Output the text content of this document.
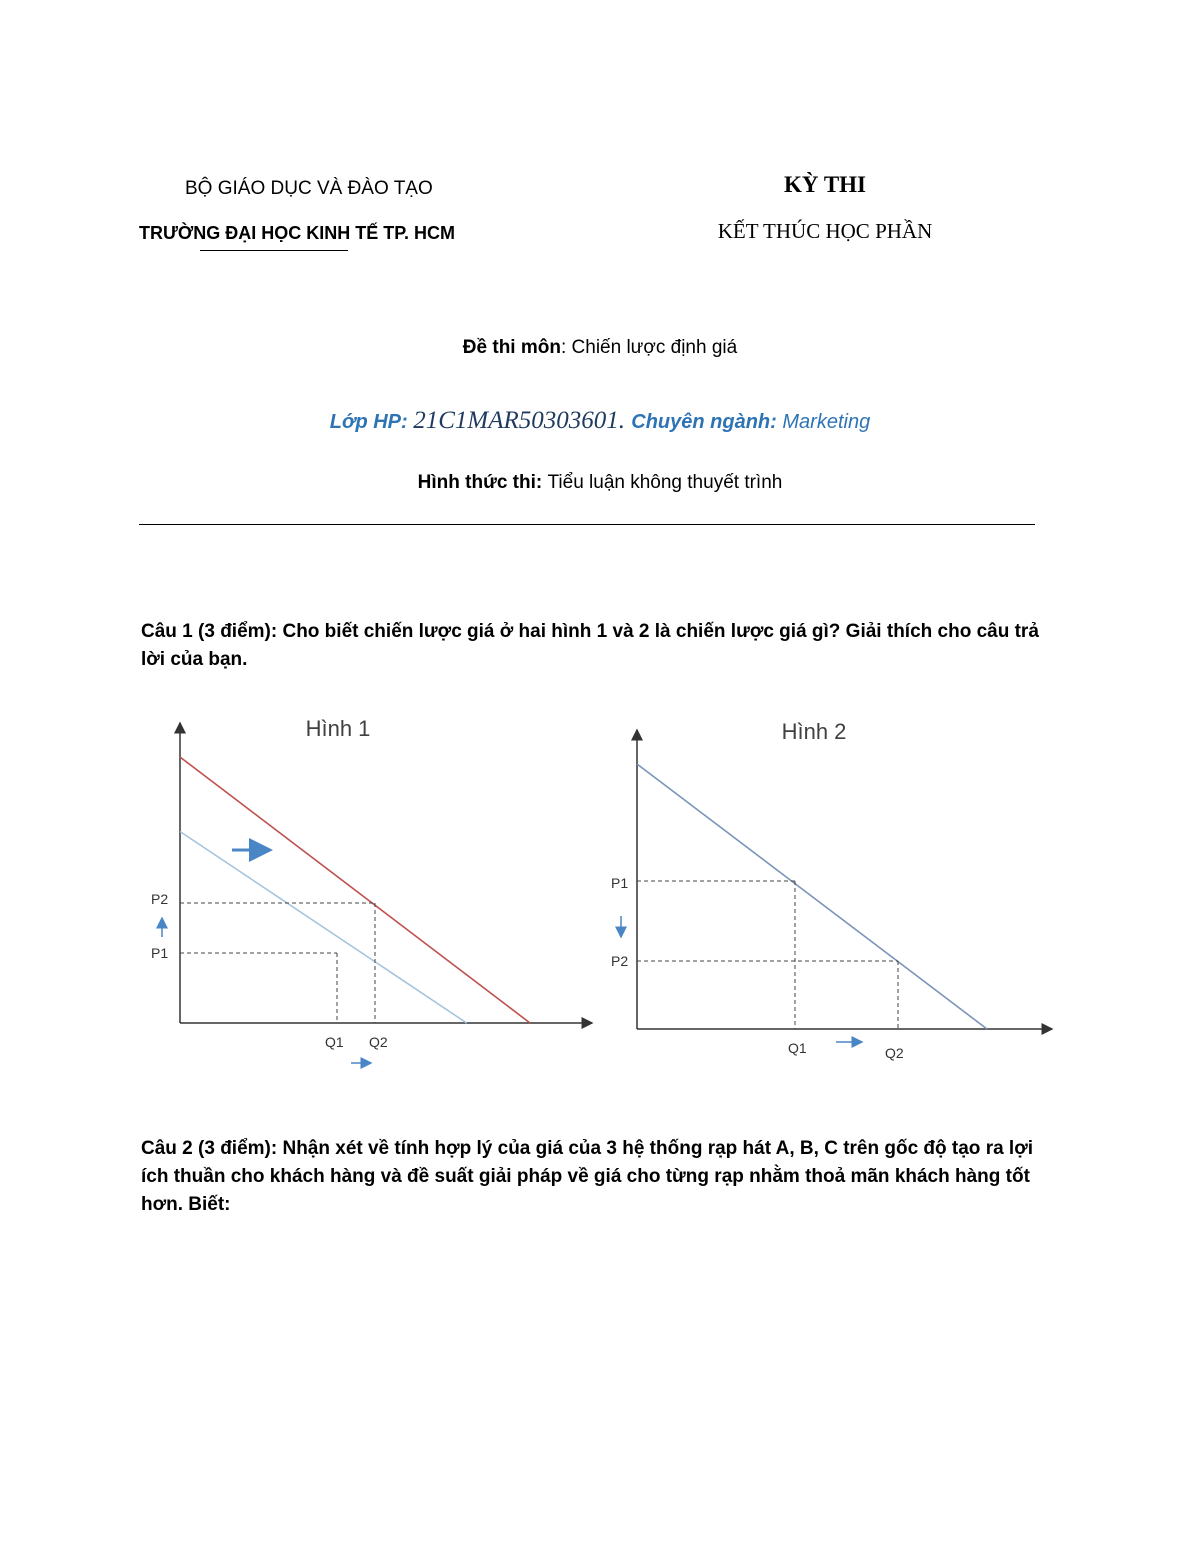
BỘ GIÁO DỤC VÀ ĐÀO TẠO
TRƯỜNG ĐẠI HỌC KINH TẾ TP. HCM
KỲ THI
KẾT THÚC HỌC PHẦN
Đề thi môn: Chiến lược định giá
Lớp HP: 21C1MAR50303601. Chuyên ngành: Marketing
Hình thức thi: Tiểu luận không thuyết trình
Câu 1 (3 điểm): Cho biết chiến lược giá ở hai hình 1 và 2 là chiến lược giá gì? Giải thích cho câu trả lời của bạn.
Hình 1
P2
P1
Q1 Q2
Hình 2
P1
P2
Q1	Q2
Câu 2 (3 điểm): Nhận xét về tính hợp lý của giá của 3 hệ thống rạp hát A, B, C trên gốc độ tạo ra lợi ích thuần cho khách hàng và đề suất giải pháp về giá cho từng rạp nhằm thoả mãn khách hàng tốt hơn. Biết:
